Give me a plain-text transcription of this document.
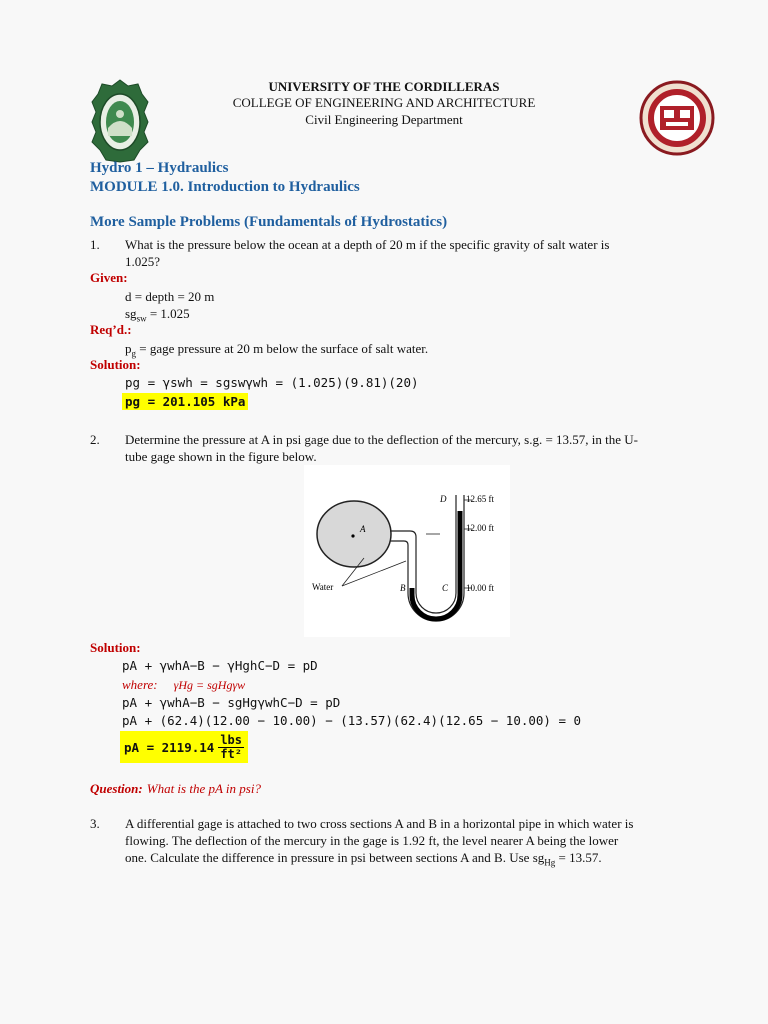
UNIVERSITY OF THE CORDILLERAS
COLLEGE OF ENGINEERING AND ARCHITECTURE
Civil Engineering Department
Hydro 1 – Hydraulics
MODULE 1.0. Introduction to Hydraulics
More Sample Problems (Fundamentals of Hydrostatics)
1. What is the pressure below the ocean at a depth of 20 m if the specific gravity of salt water is
1.025?
Given:
d = depth = 20 m
$sg_{sw} = 1.025$
Req’d.:
$p_g$ = gage pressure at 20 m below the surface of salt water.
Solution:
pg = γswh = sgswγwh = (1.025)(9.81)(20)
pg = 201.105 kPa
2. Determine the pressure at A in psi gage due to the deflection of the mercury, s.g. = 13.57, in the U-
tube gage shown in the figure below.
A
D 12.65 ft
12.00 ft
B	C 10.00 ft
Water
Solution:
pA + γwhA−B − γHghC−D = pD
where: γHg = sgHgγw
pA + γwhA−B − sgHgγwhC−D = pD
pA + (62.4)(12.00 − 10.00) − (13.57)(62.4)(12.65 − 10.00) = 0
pA = $2119.14 \frac{\text{lbs}}{\text{ft²}}$
Question: What is the pA in psi?
3. A differential gage is attached to two cross sections A and B in a horizontal pipe in which water is
flowing. The deflection of the mercury in the gage is 1.92 ft, the level nearer A being the lower
one. Calculate the difference in pressure in psi between sections A and B. Use $sg_{Hg} = 13.57$.
